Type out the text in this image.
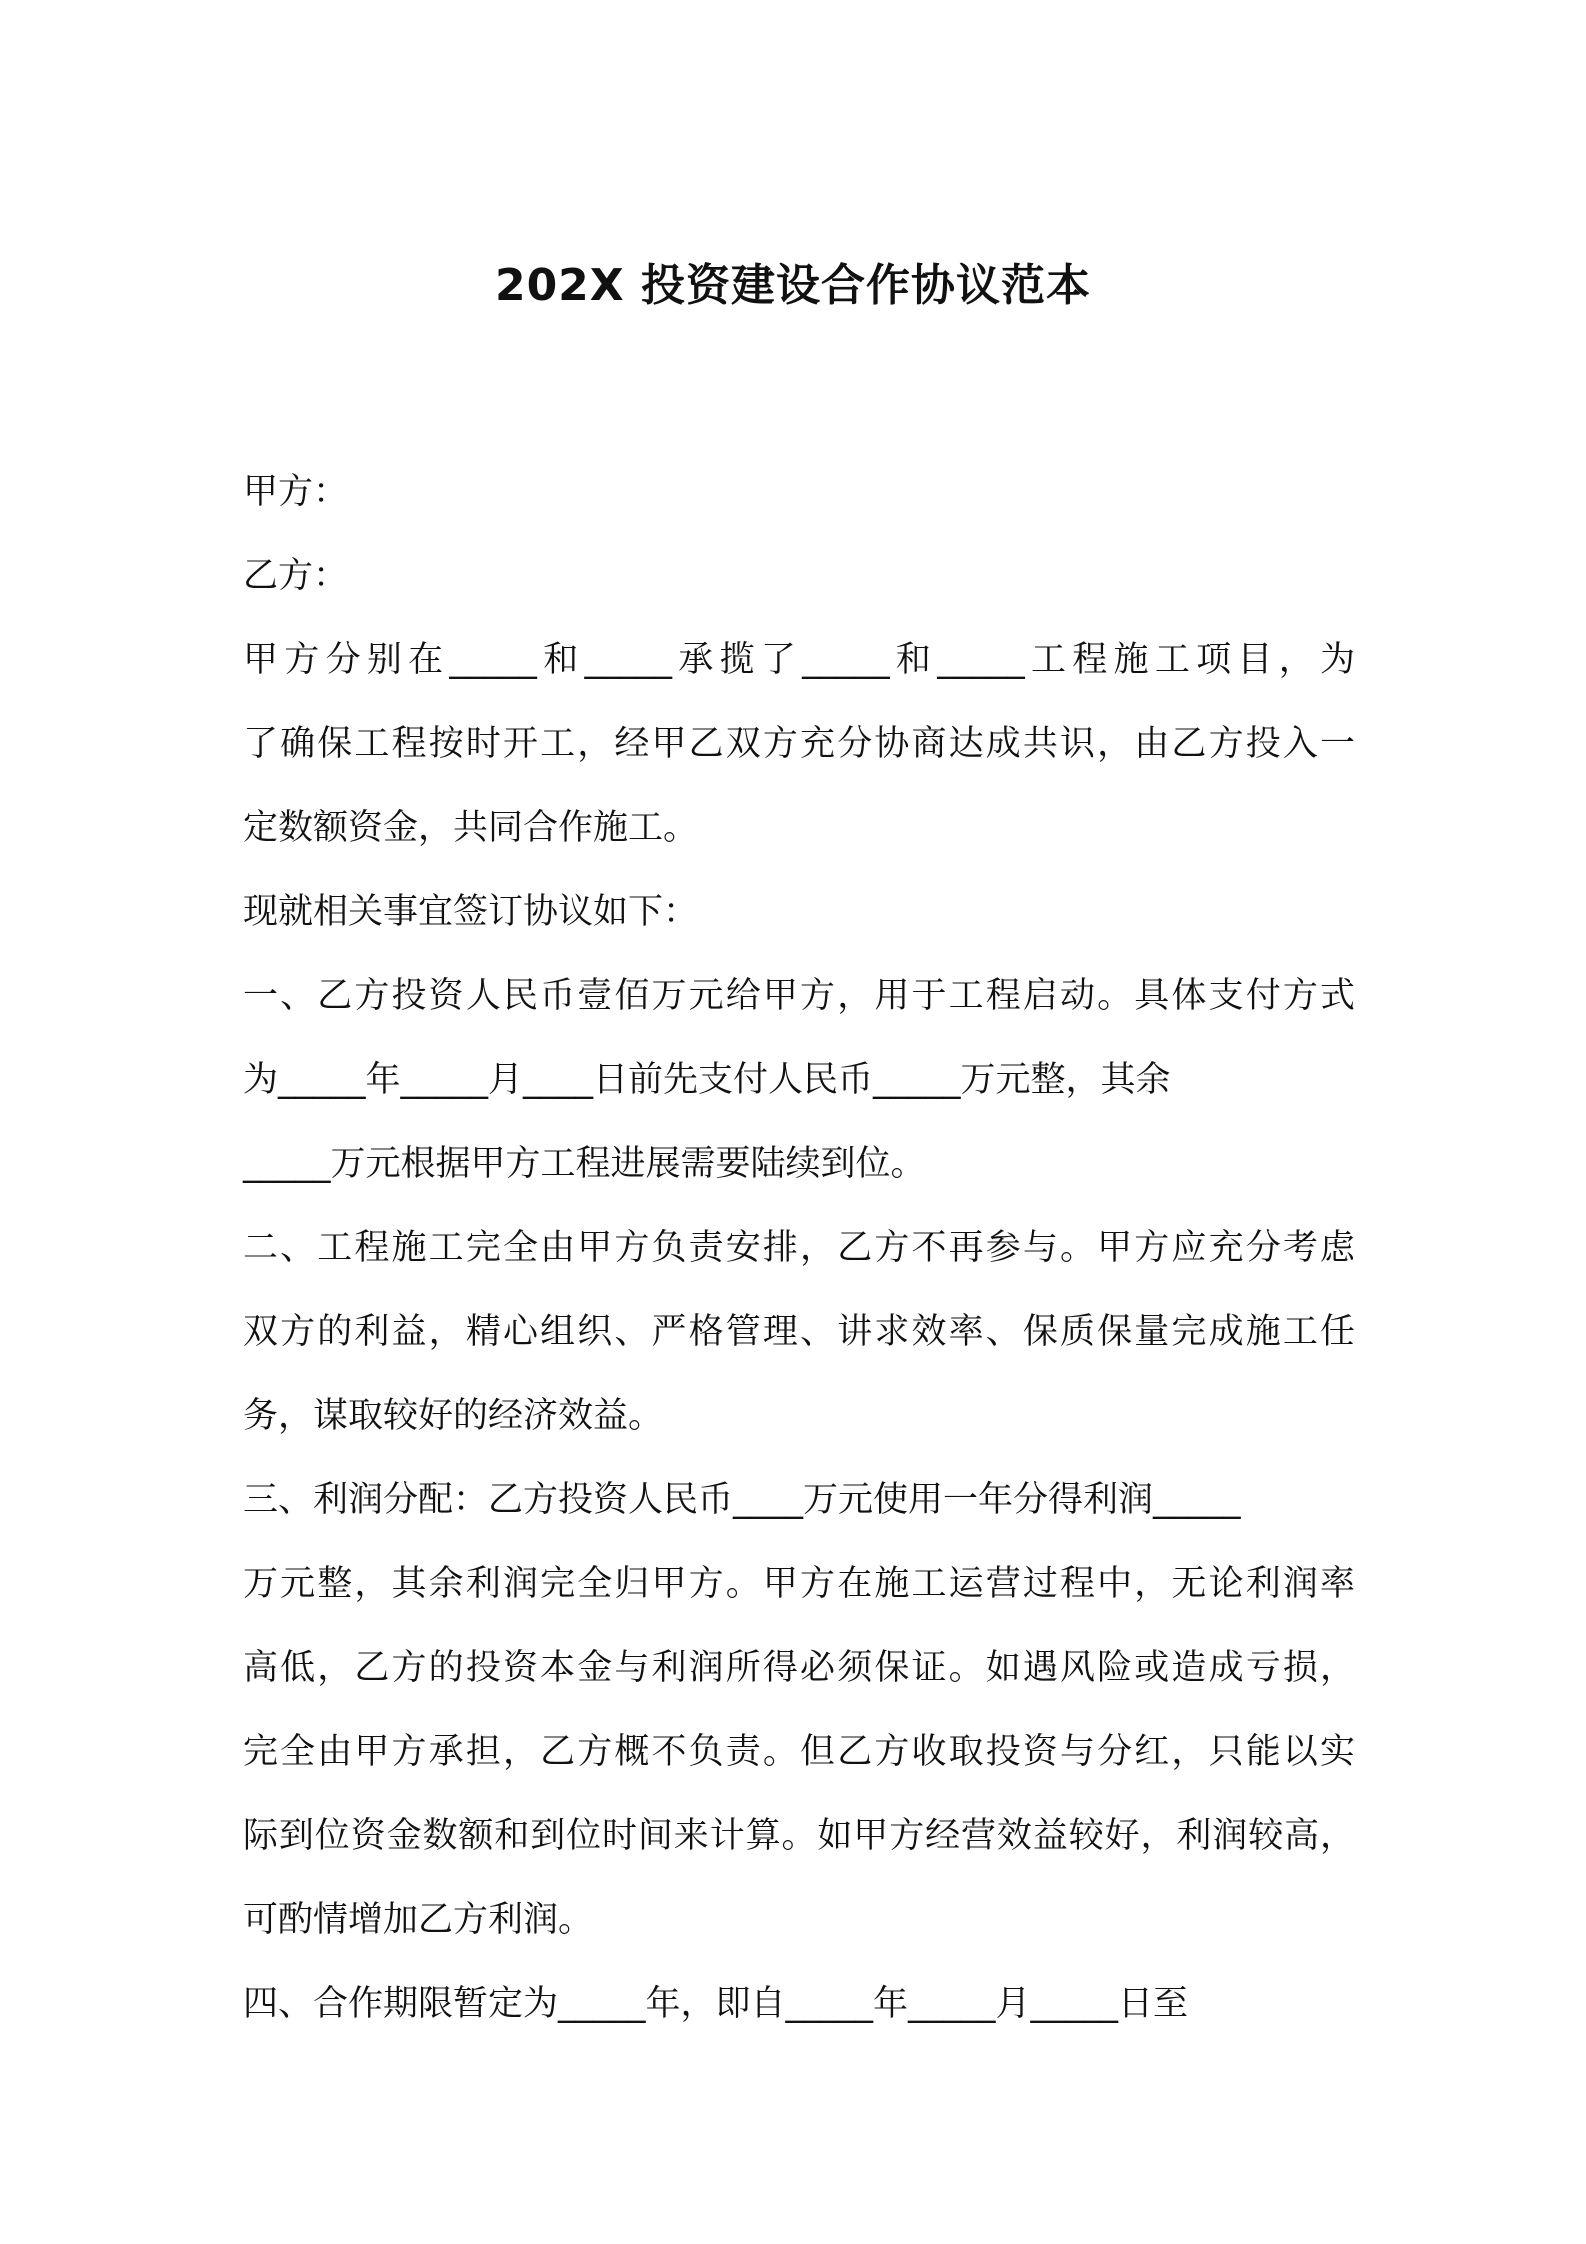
202X 投资建设合作协议范本
甲方：
乙方：
甲方分别在_____和_____承揽了_____和_____工程施工项目，为
了确保工程按时开工，经甲乙双方充分协商达成共识，由乙方投入一
定数额资金，共同合作施工。
现就相关事宜签订协议如下：
一、乙方投资人民币壹佰万元给甲方，用于工程启动。具体支付方式
为_____年_____月____日前先支付人民币_____万元整，其余
_____万元根据甲方工程进展需要陆续到位。
二、工程施工完全由甲方负责安排，乙方不再参与。甲方应充分考虑
双方的利益，精心组织、严格管理、讲求效率、保质保量完成施工任
务，谋取较好的经济效益。
三、利润分配：乙方投资人民币____万元使用一年分得利润_____
万元整，其余利润完全归甲方。甲方在施工运营过程中，无论利润率
高低，乙方的投资本金与利润所得必须保证。如遇风险或造成亏损，
完全由甲方承担，乙方概不负责。但乙方收取投资与分红，只能以实
际到位资金数额和到位时间来计算。如甲方经营效益较好，利润较高，
可酌情增加乙方利润。
四、合作期限暂定为_____年，即自_____年_____月_____日至
